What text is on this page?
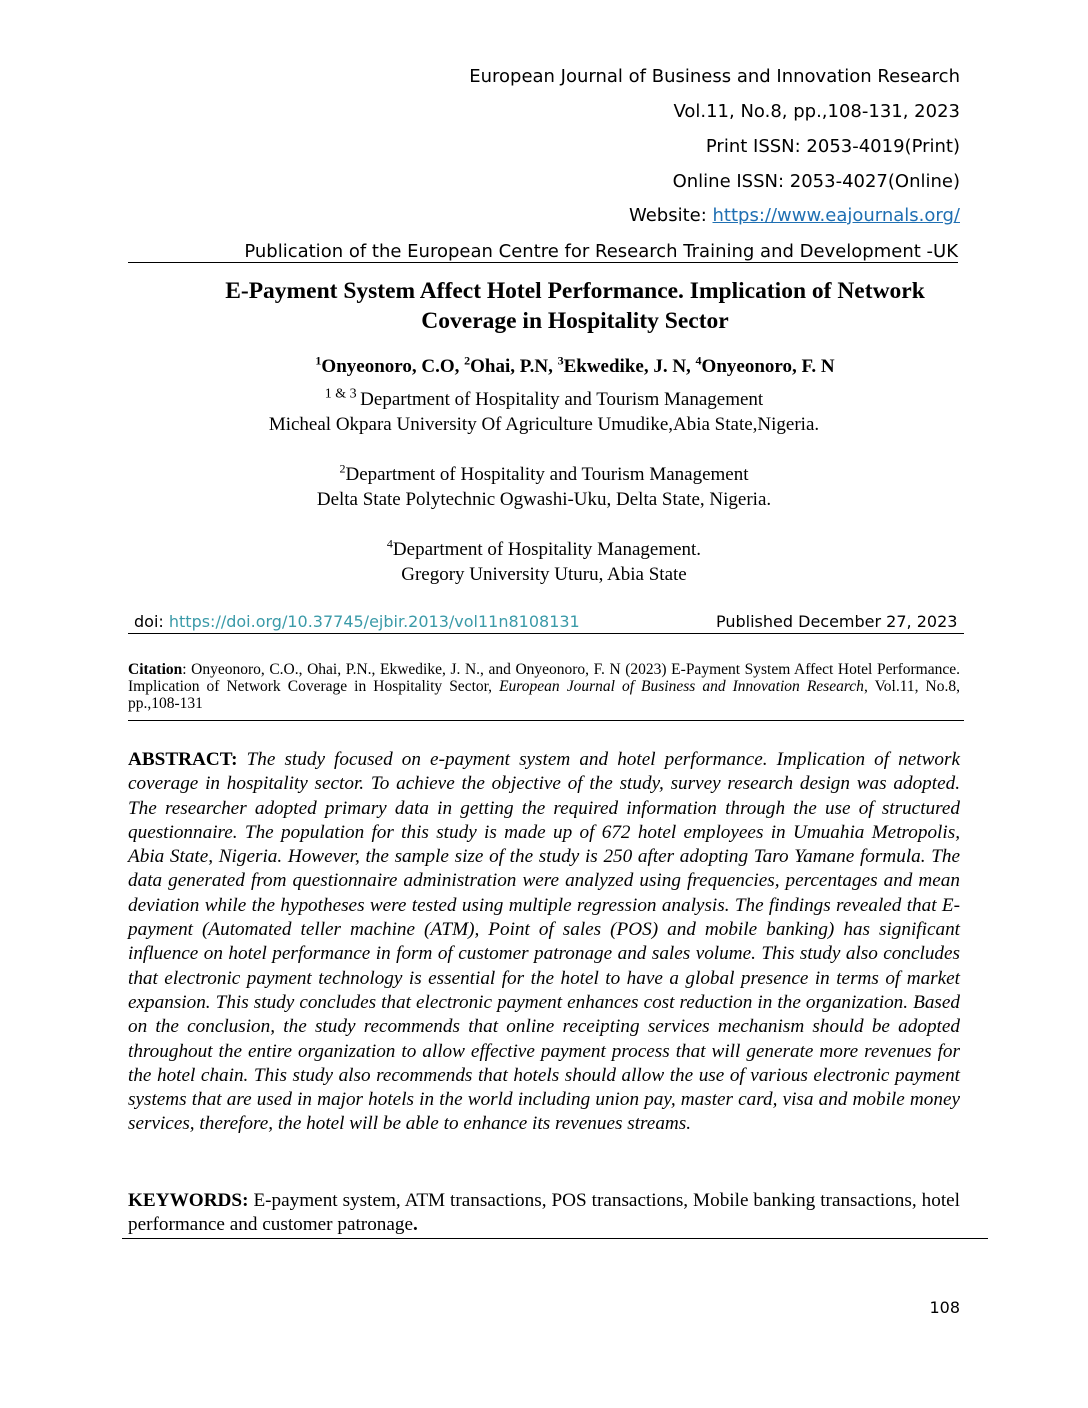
European Journal of Business and Innovation Research
Vol.11, No.8, pp.,108-131, 2023
Print ISSN: 2053-4019(Print)
Online ISSN: 2053-4027(Online)
Website: https://www.eajournals.org/
Publication of the European Centre for Research Training and Development -UK
E-Payment System Affect Hotel Performance. Implication of Network
Coverage in Hospitality Sector
$^1$Onyeonoro, C.O, $^2$Ohai, P.N, $^3$Ekwedike, J. N, $^4$Onyeonoro, F. N
$^{1 \& 3}$ Department of Hospitality and Tourism Management
Micheal Okpara University Of Agriculture Umudike,Abia State,Nigeria.
$^2$Department of Hospitality and Tourism Management
Delta State Polytechnic Ogwashi-Uku, Delta State, Nigeria.
$^4$Department of Hospitality Management.
Gregory University Uturu, Abia State
doi: https://doi.org/10.37745/ejbir.2013/vol11n8108131	Published December 27, 2023
Citation: Onyeonoro, C.O., Ohai, P.N., Ekwedike, J. N., and Onyeonoro, F. N (2023) E-Payment System Affect Hotel Performance. Implication of Network Coverage in Hospitality Sector, European Journal of Business and Innovation Research, Vol.11, No.8, pp.,108-131
ABSTRACT: The study focused on e-payment system and hotel performance. Implication of network coverage in hospitality sector. To achieve the objective of the study, survey research design was adopted. The researcher adopted primary data in getting the required information through the use of structured questionnaire. The population for this study is made up of 672 hotel employees in Umuahia Metropolis, Abia State, Nigeria. However, the sample size of the study is 250 after adopting Taro Yamane formula. The data generated from questionnaire administration were analyzed using frequencies, percentages and mean deviation while the hypotheses were tested using multiple regression analysis. The findings revealed that E-payment (Automated teller machine (ATM), Point of sales (POS) and mobile banking) has significant influence on hotel performance in form of customer patronage and sales volume. This study also concludes that electronic payment technology is essential for the hotel to have a global presence in terms of market expansion. This study concludes that electronic payment enhances cost reduction in the organization. Based on the conclusion, the study recommends that online receipting services mechanism should be adopted throughout the entire organization to allow effective payment process that will generate more revenues for the hotel chain. This study also recommends that hotels should allow the use of various electronic payment systems that are used in major hotels in the world including union pay, master card, visa and mobile money services, therefore, the hotel will be able to enhance its revenues streams.
KEYWORDS: E-payment system, ATM transactions, POS transactions, Mobile banking transactions, hotel performance and customer patronage.
108
